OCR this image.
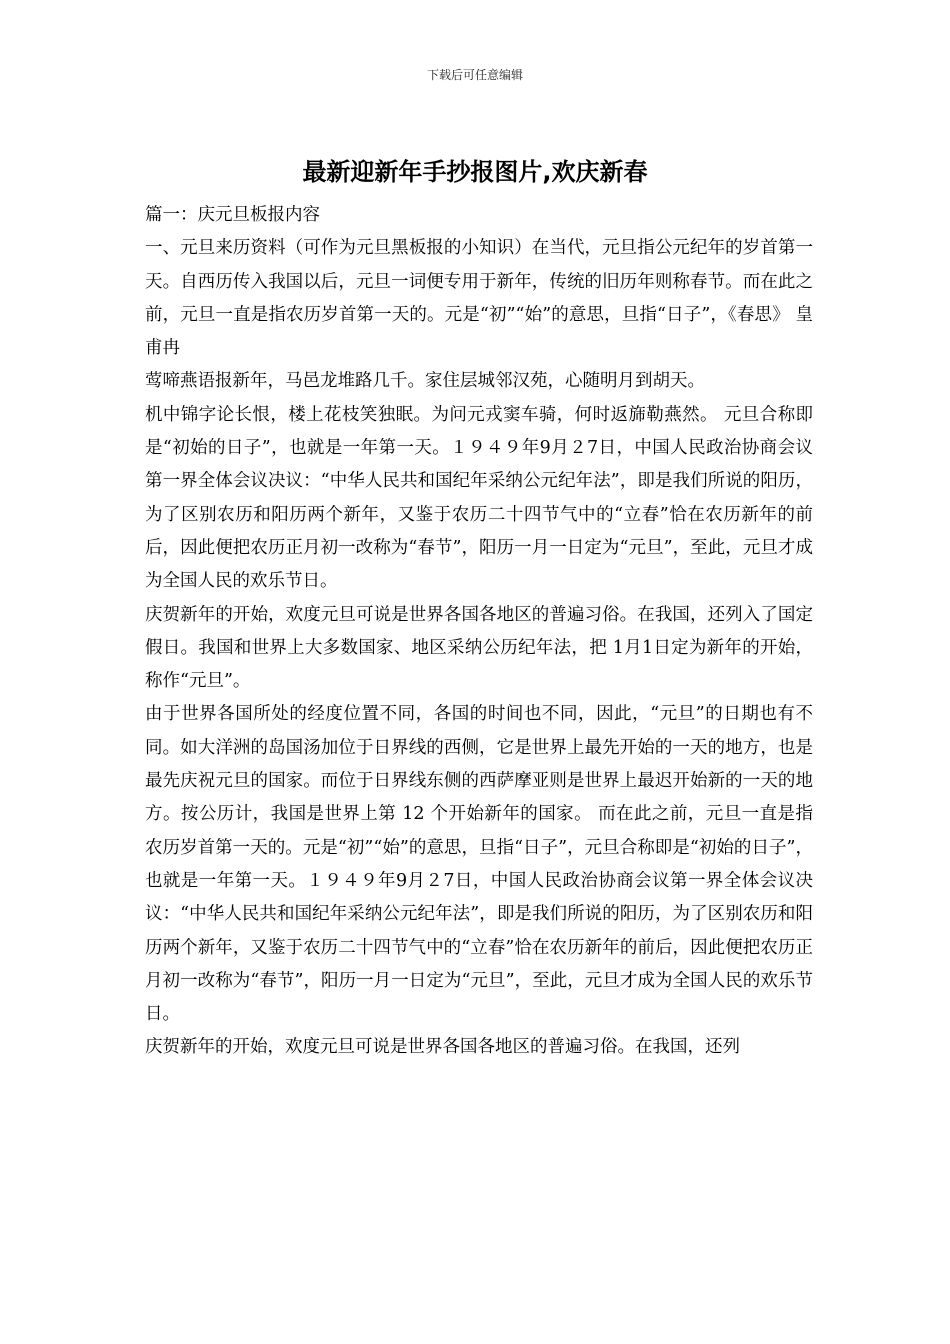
下载后可任意编辑
最新迎新年手抄报图片,欢庆新春

篇一：庆元旦板报内容

一、元旦来历资料（可作为元旦黑板报的小知识）在当代，元旦指公元纪年的岁首第一天。自西历传入我国以后，元旦一词便专用于新年，传统的旧历年则称春节。而在此之前，元旦一直是指农历岁首第一天的。元是“初”“始”的意思，旦指“日子”，《春思》 皇甫冉

莺啼燕语报新年，马邑龙堆路几千。家住层城邻汉苑，心随明月到胡天。

机中锦字论长恨，楼上花枝笑独眠。为问元戎窦车骑，何时返旆勒燕然。 元旦合称即是“初始的日子”，也就是一年第一天。１９４９年9月２7日，中国人民政治协商会议第一界全体会议决议：“中华人民共和国纪年采纳公元纪年法”，即是我们所说的阳历，为了区别农历和阳历两个新年，又鉴于农历二十四节气中的“立春”恰在农历新年的前后，因此便把农历正月初一改称为“春节”，阳历一月一日定为“元旦”，至此，元旦才成为全国人民的欢乐节日。

庆贺新年的开始，欢度元旦可说是世界各国各地区的普遍习俗。在我国，还列入了国定假日。我国和世界上大多数国家、地区采纳公历纪年法，把 1月1日定为新年的开始，称作“元旦”。

由于世界各国所处的经度位置不同，各国的时间也不同，因此，“元旦”的日期也有不同。如大洋洲的岛国汤加位于日界线的西侧，它是世界上最先开始的一天的地方，也是最先庆祝元旦的国家。而位于日界线东侧的西萨摩亚则是世界上最迟开始新的一天的地方。按公历计，我国是世界上第 12 个开始新年的国家。 而在此之前，元旦一直是指农历岁首第一天的。元是“初”“始”的意思，旦指“日子”，元旦合称即是“初始的日子”，也就是一年第一天。１９４９年9月２7日，中国人民政治协商会议第一界全体会议决议：“中华人民共和国纪年采纳公元纪年法”，即是我们所说的阳历，为了区别农历和阳历两个新年，又鉴于农历二十四节气中的“立春”恰在农历新年的前后，因此便把农历正月初一改称为“春节”，阳历一月一日定为“元旦”，至此，元旦才成为全国人民的欢乐节日。

庆贺新年的开始，欢度元旦可说是世界各国各地区的普遍习俗。在我国，还列
